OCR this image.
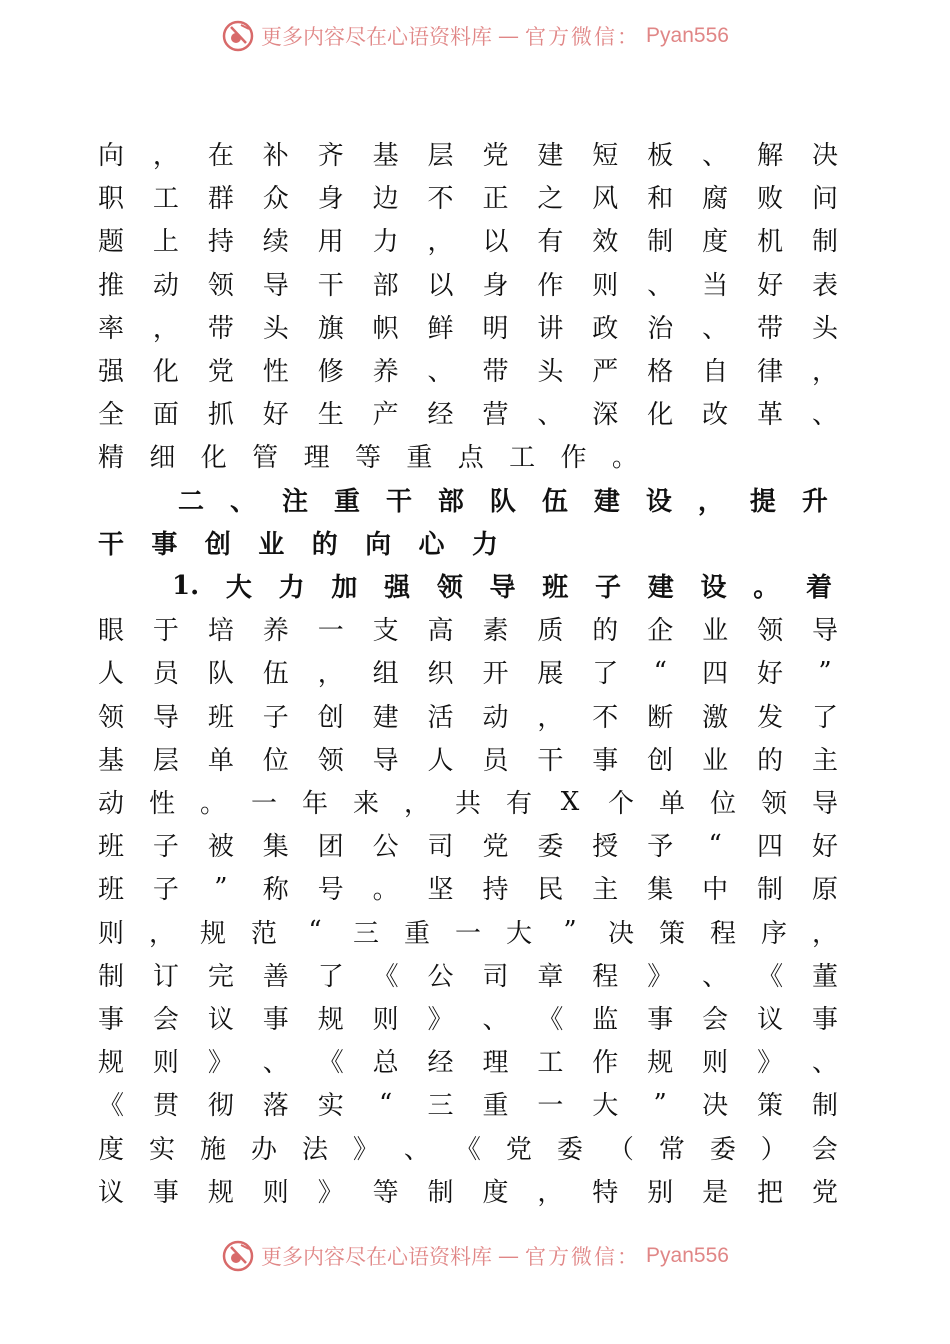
更多内容尽在心语资料库 — 官方微信： Pyan556
向 ， 在 补 齐 基 层 党 建 短 板 、 解 决
职 工 群 众 身 边 不 正 之 风 和 腐 败 问
题 上 持 续 用 力 ， 以 有 效 制 度 机 制
推 动 领 导 干 部 以 身 作 则 、 当 好 表
率 ， 带 头 旗 帜 鲜 明 讲 政 治 、 带 头
强 化 党 性 修 养 、 带 头 严 格 自 律 ，
全 面 抓 好 生 产 经 营 、 深 化 改 革 、
精 细 化 管 理 等 重 点 工 作 。
二 、 注 重 干 部 队 伍 建 设 ， 提 升
干 事 创 业 的 向 心 力
1. 大 力 加 强 领 导 班 子 建 设 。 着
眼 于 培 养 一 支 高 素 质 的 企 业 领 导
人 员 队 伍 ， 组 织 开 展 了 “ 四 好 ”
领 导 班 子 创 建 活 动 ， 不 断 激 发 了
基 层 单 位 领 导 人 员 干 事 创 业 的 主
动 性 。 一 年 来 ， 共 有 X 个 单 位 领 导
班 子 被 集 团 公 司 党 委 授 予 “ 四 好
班 子 ” 称 号 。 坚 持 民 主 集 中 制 原
则 ， 规 范 “ 三 重 一 大 ” 决 策 程 序 ，
制 订 完 善 了 《 公 司 章 程 》 、 《 董
事 会 议 事 规 则 》 、 《 监 事 会 议 事
规 则 》 、 《 总 经 理 工 作 规 则 》 、
《 贯 彻 落 实 “ 三 重 一 大 ” 决 策 制
度 实 施 办 法 》 、 《 党 委 （ 常 委 ） 会
议 事 规 则 》 等 制 度 ， 特 别 是 把 党
更多内容尽在心语资料库 — 官方微信： Pyan556
